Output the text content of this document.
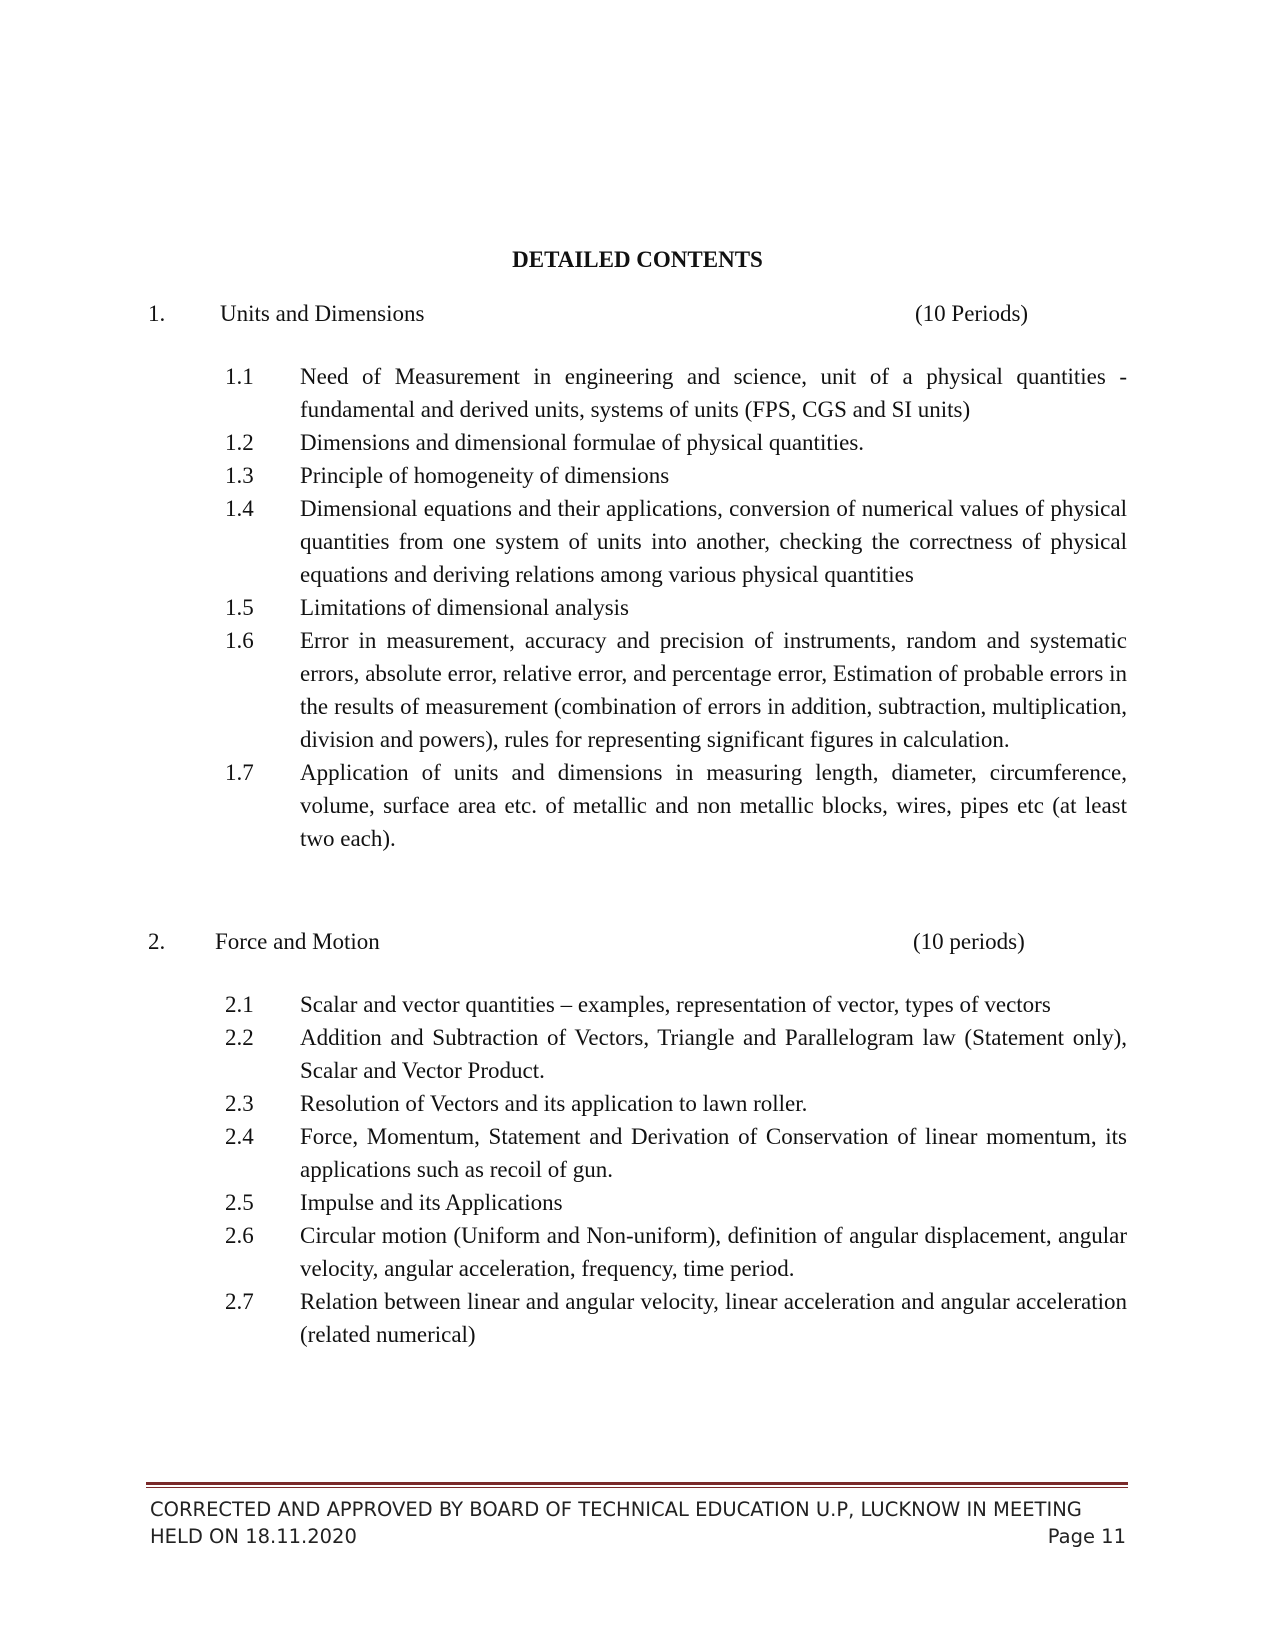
DETAILED CONTENTS
1. Units and Dimensions	(10 Periods)
1.1 Need of Measurement in engineering and science, unit of a physical quantities - fundamental and derived units, systems of units (FPS, CGS and SI units)
1.2 Dimensions and dimensional formulae of physical quantities.
1.3 Principle of homogeneity of dimensions
1.4 Dimensional equations and their applications, conversion of numerical values of physical quantities from one system of units into another, checking the correctness of physical equations and deriving relations among various physical quantities
1.5 Limitations of dimensional analysis
1.6 Error in measurement, accuracy and precision of instruments, random and systematic errors, absolute error, relative error, and percentage error, Estimation of probable errors in the results of measurement (combination of errors in addition, subtraction, multiplication, division and powers), rules for representing significant figures in calculation.
1.7 Application of units and dimensions in measuring length, diameter, circumference, volume, surface area etc. of metallic and non metallic blocks, wires, pipes etc (at least two each).
2. Force and Motion	(10 periods)
2.1 Scalar and vector quantities – examples, representation of vector, types of vectors
2.2 Addition and Subtraction of Vectors, Triangle and Parallelogram law (Statement only), Scalar and Vector Product.
2.3 Resolution of Vectors and its application to lawn roller.
2.4 Force, Momentum, Statement and Derivation of Conservation of linear momentum, its applications such as recoil of gun.
2.5 Impulse and its Applications
2.6 Circular motion (Uniform and Non-uniform), definition of angular displacement, angular velocity, angular acceleration, frequency, time period.
2.7 Relation between linear and angular velocity, linear acceleration and angular acceleration (related numerical)
CORRECTED AND APPROVED BY BOARD OF TECHNICAL EDUCATION U.P, LUCKNOW IN MEETING
HELD ON 18.11.2020	Page 11
